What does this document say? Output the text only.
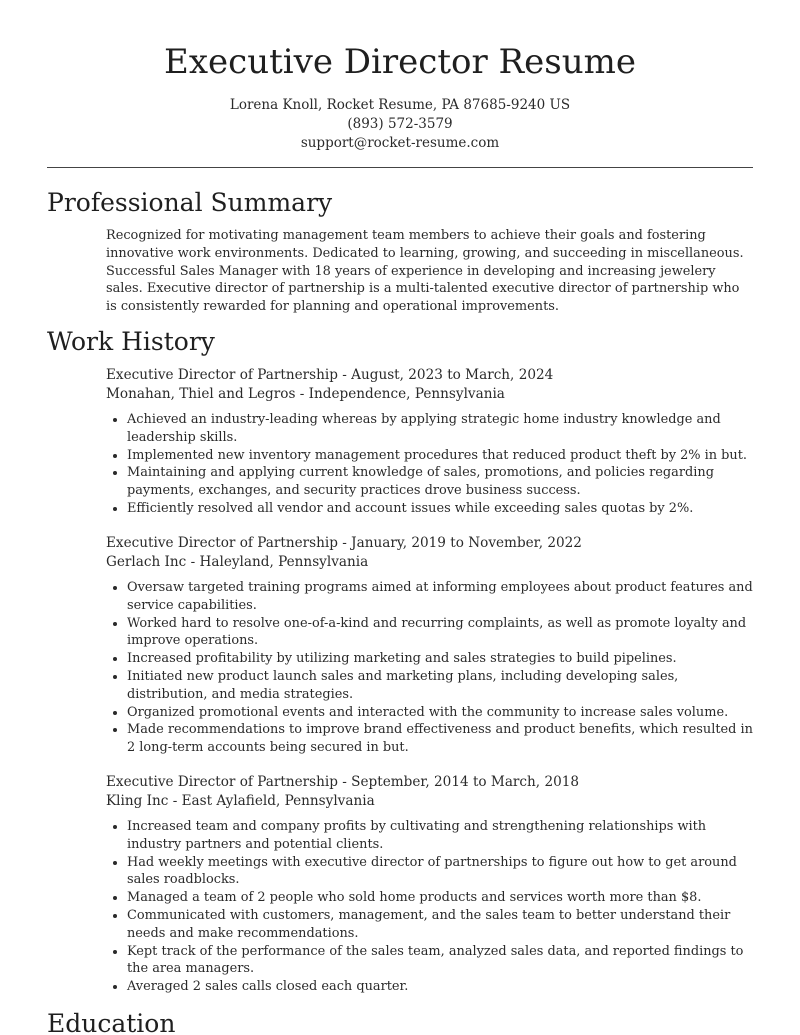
Executive Director Resume
Lorena Knoll, Rocket Resume, PA 87685-9240 US
(893) 572-3579
support@rocket-resume.com
Professional Summary
Recognized for motivating management team members to achieve their goals and fostering innovative work environments. Dedicated to learning, growing, and succeeding in miscellaneous. Successful Sales Manager with 18 years of experience in developing and increasing jewelery sales. Executive director of partnership is a multi-talented executive director of partnership who is consistently rewarded for planning and operational improvements.
Work History
Executive Director of Partnership - August, 2023 to March, 2024
Monahan, Thiel and Legros - Independence, Pennsylvania
• Achieved an industry-leading whereas by applying strategic home industry knowledge and leadership skills.
• Implemented new inventory management procedures that reduced product theft by 2% in but.
• Maintaining and applying current knowledge of sales, promotions, and policies regarding payments, exchanges, and security practices drove business success.
• Efficiently resolved all vendor and account issues while exceeding sales quotas by 2%.
Executive Director of Partnership - January, 2019 to November, 2022
Gerlach Inc - Haleyland, Pennsylvania
• Oversaw targeted training programs aimed at informing employees about product features and service capabilities.
• Worked hard to resolve one-of-a-kind and recurring complaints, as well as promote loyalty and improve operations.
• Increased profitability by utilizing marketing and sales strategies to build pipelines.
• Initiated new product launch sales and marketing plans, including developing sales, distribution, and media strategies.
• Organized promotional events and interacted with the community to increase sales volume.
• Made recommendations to improve brand effectiveness and product benefits, which resulted in 2 long-term accounts being secured in but.
Executive Director of Partnership - September, 2014 to March, 2018
Kling Inc - East Aylafield, Pennsylvania
• Increased team and company profits by cultivating and strengthening relationships with industry partners and potential clients.
• Had weekly meetings with executive director of partnerships to figure out how to get around sales roadblocks.
• Managed a team of 2 people who sold home products and services worth more than $8.
• Communicated with customers, management, and the sales team to better understand their needs and make recommendations.
• Kept track of the performance of the sales team, analyzed sales data, and reported findings to the area managers.
• Averaged 2 sales calls closed each quarter.
Education
